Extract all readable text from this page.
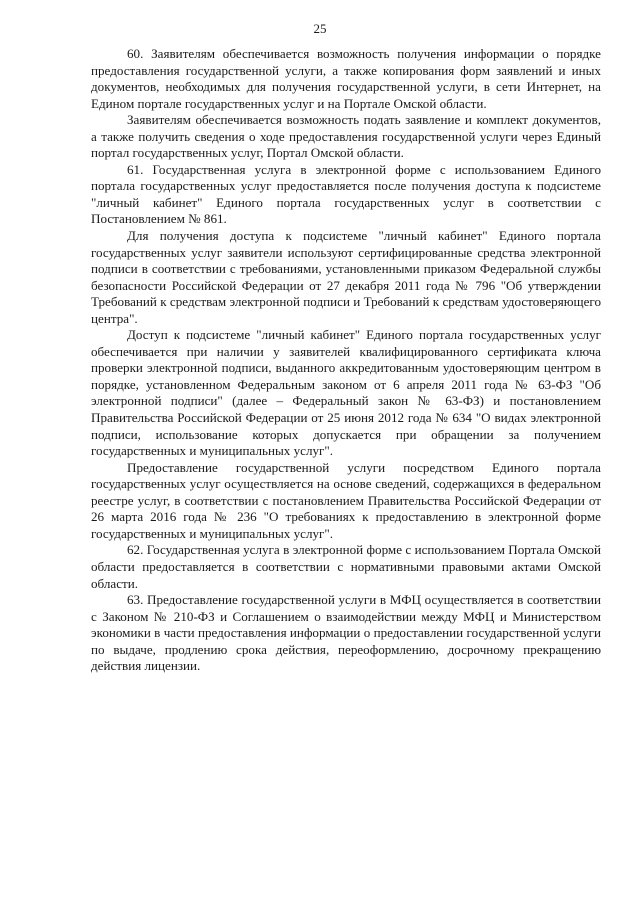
25

60. Заявителям обеспечивается возможность получения информации о порядке предоставления государственной услуги, а также копирования форм заявлений и иных документов, необходимых для получения государственной услуги, в сети Интернет, на Едином портале государственных услуг и на Портале Омской области.

Заявителям обеспечивается возможность подать заявление и комплект документов, а также получить сведения о ходе предоставления государственной услуги через Единый портал государственных услуг, Портал Омской области.

61. Государственная услуга в электронной форме с использованием Единого портала государственных услуг предоставляется после получения доступа к подсистеме "личный кабинет" Единого портала государственных услуг в соответствии с Постановлением № 861.

Для получения доступа к подсистеме "личный кабинет" Единого портала государственных услуг заявители используют сертифицированные средства электронной подписи в соответствии с требованиями, установленными приказом Федеральной службы безопасности Российской Федерации от 27 декабря 2011 года № 796 "Об утверждении Требований к средствам электронной подписи и Требований к средствам удостоверяющего центра".

Доступ к подсистеме "личный кабинет" Единого портала государственных услуг обеспечивается при наличии у заявителей квалифицированного сертификата ключа проверки электронной подписи, выданного аккредитованным удостоверяющим центром в порядке, установленном Федеральным законом от 6 апреля 2011 года № 63-ФЗ "Об электронной подписи" (далее – Федеральный закон № 63-ФЗ) и постановлением Правительства Российской Федерации от 25 июня 2012 года № 634 "О видах электронной подписи, использование которых допускается при обращении за получением государственных и муниципальных услуг".

Предоставление государственной услуги посредством Единого портала государственных услуг осуществляется на основе сведений, содержащихся в федеральном реестре услуг, в соответствии с постановлением Правительства Российской Федерации от 26 марта 2016 года № 236 "О требованиях к предоставлению в электронной форме государственных и муниципальных услуг".

62. Государственная услуга в электронной форме с использованием Портала Омской области предоставляется в соответствии с нормативными правовыми актами Омской области.

63. Предоставление государственной услуги в МФЦ осуществляется в соответствии с Законом № 210-ФЗ и Соглашением о взаимодействии между МФЦ и Министерством экономики в части предоставления информации о предоставлении государственной услуги по выдаче, продлению срока действия, переоформлению, досрочному прекращению действия лицензии.
